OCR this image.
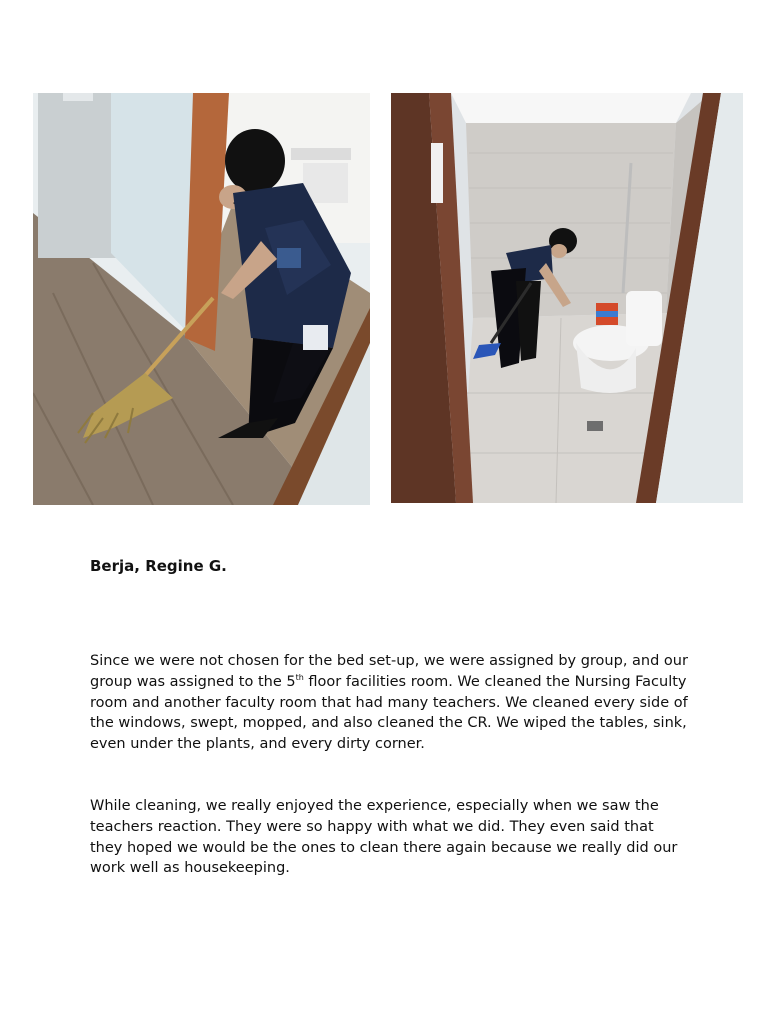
Berja, Regine G.

Since we were not chosen for the bed set-up, we were assigned by group, and our group was assigned to the 5th floor facilities room. We cleaned the Nursing Faculty room and another faculty room that had many teachers. We cleaned every side of the windows, swept, mopped, and also cleaned the CR. We wiped the tables, sink, even under the plants, and every dirty corner.

While cleaning, we really enjoyed the experience, especially when we saw the teachers reaction. They were so happy with what we did. They even said that they hoped we would be the ones to clean there again because we really did our work well as housekeeping.
